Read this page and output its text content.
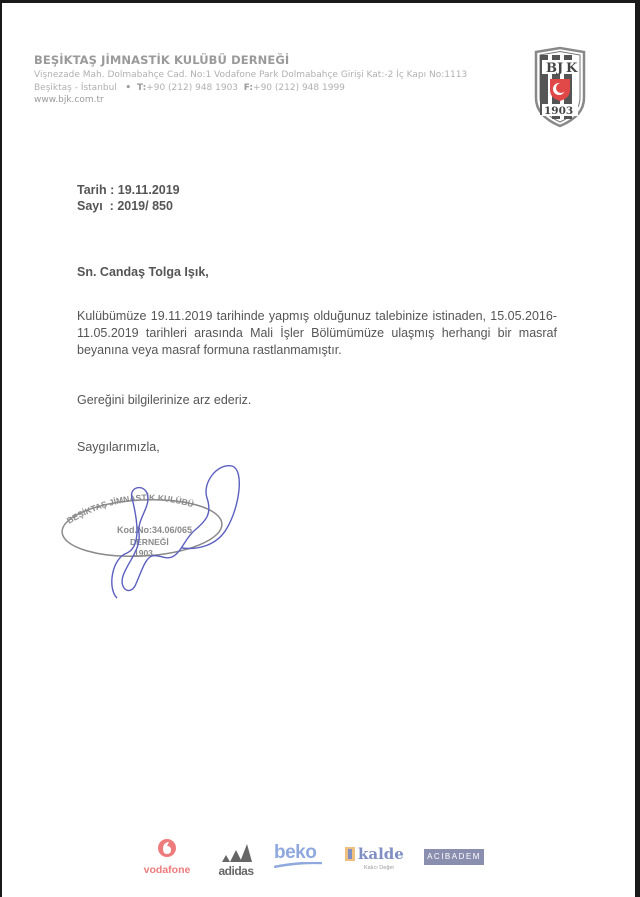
BEŞİKTAŞ JİMNASTİK KULÜBÜ DERNEĞİ
Vişnezade Mah. Dolmabahçe Cad. No:1 Vodafone Park Dolmabahçe Girişi Kat:-2 İç Kapı No:1113
Beşiktaş - İstanbul • T:+90 (212) 948 1903 F:+90 (212) 948 1999
www.bjk.com.tr
B J K
1903
Tarih : 19.11.2019
Sayı  : 2019/ 850
Sn. Candaş Tolga Işık,
Kulübümüze 19.11.2019 tarihinde yapmış olduğunuz talebinize istinaden, 15.05.2016-
11.05.2019 tarihleri arasında Mali İşler Bölümümüze ulaşmış herhangi bir masraf
beyanına veya masraf formuna rastlanmamıştır.
Gereğini bilgilerinize arz ederiz.
Saygılarımızla,
BEŞİKTAŞ JİMNASTİK KULÜBÜ
Kod.No:34.06/065
DERNEĞİ
1903
vodafone	adidas
beko	kalde
Kalıcı Değer
ACIBADEM
